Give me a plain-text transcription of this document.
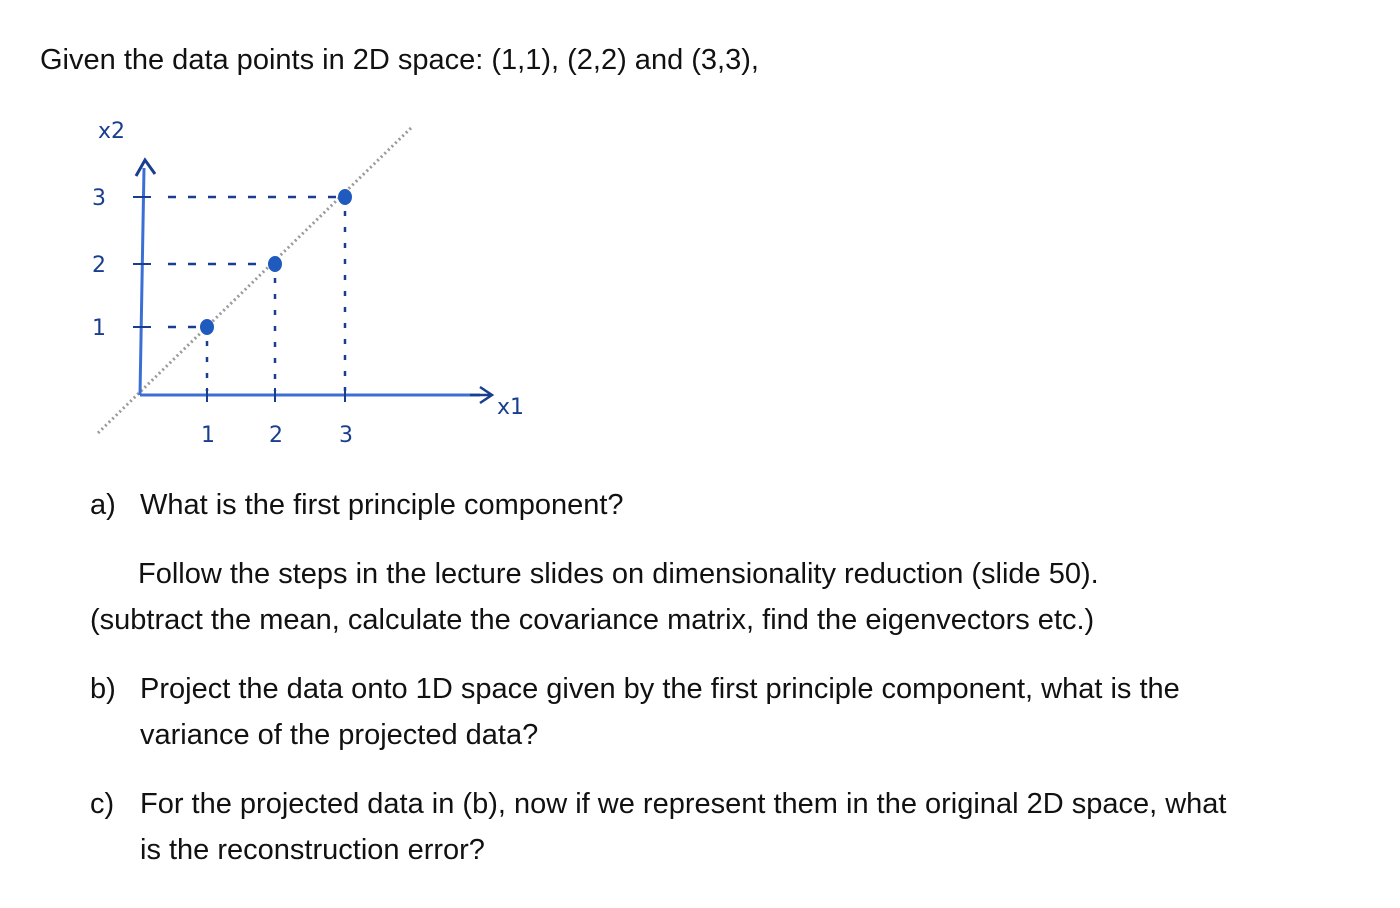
Given the data points in 2D space: (1,1), (2,2) and (3,3),
x2
x1
1 2	3
1
2
3
a) What is the first principle component?
Follow the steps in the lecture slides on dimensionality reduction (slide 50).
(subtract the mean, calculate the covariance matrix, find the eigenvectors etc.)
b) Project the data onto 1D space given by the first principle component, what is the
variance of the projected data?
c) For the projected data in (b), now if we represent them in the original 2D space, what
is the reconstruction error?
